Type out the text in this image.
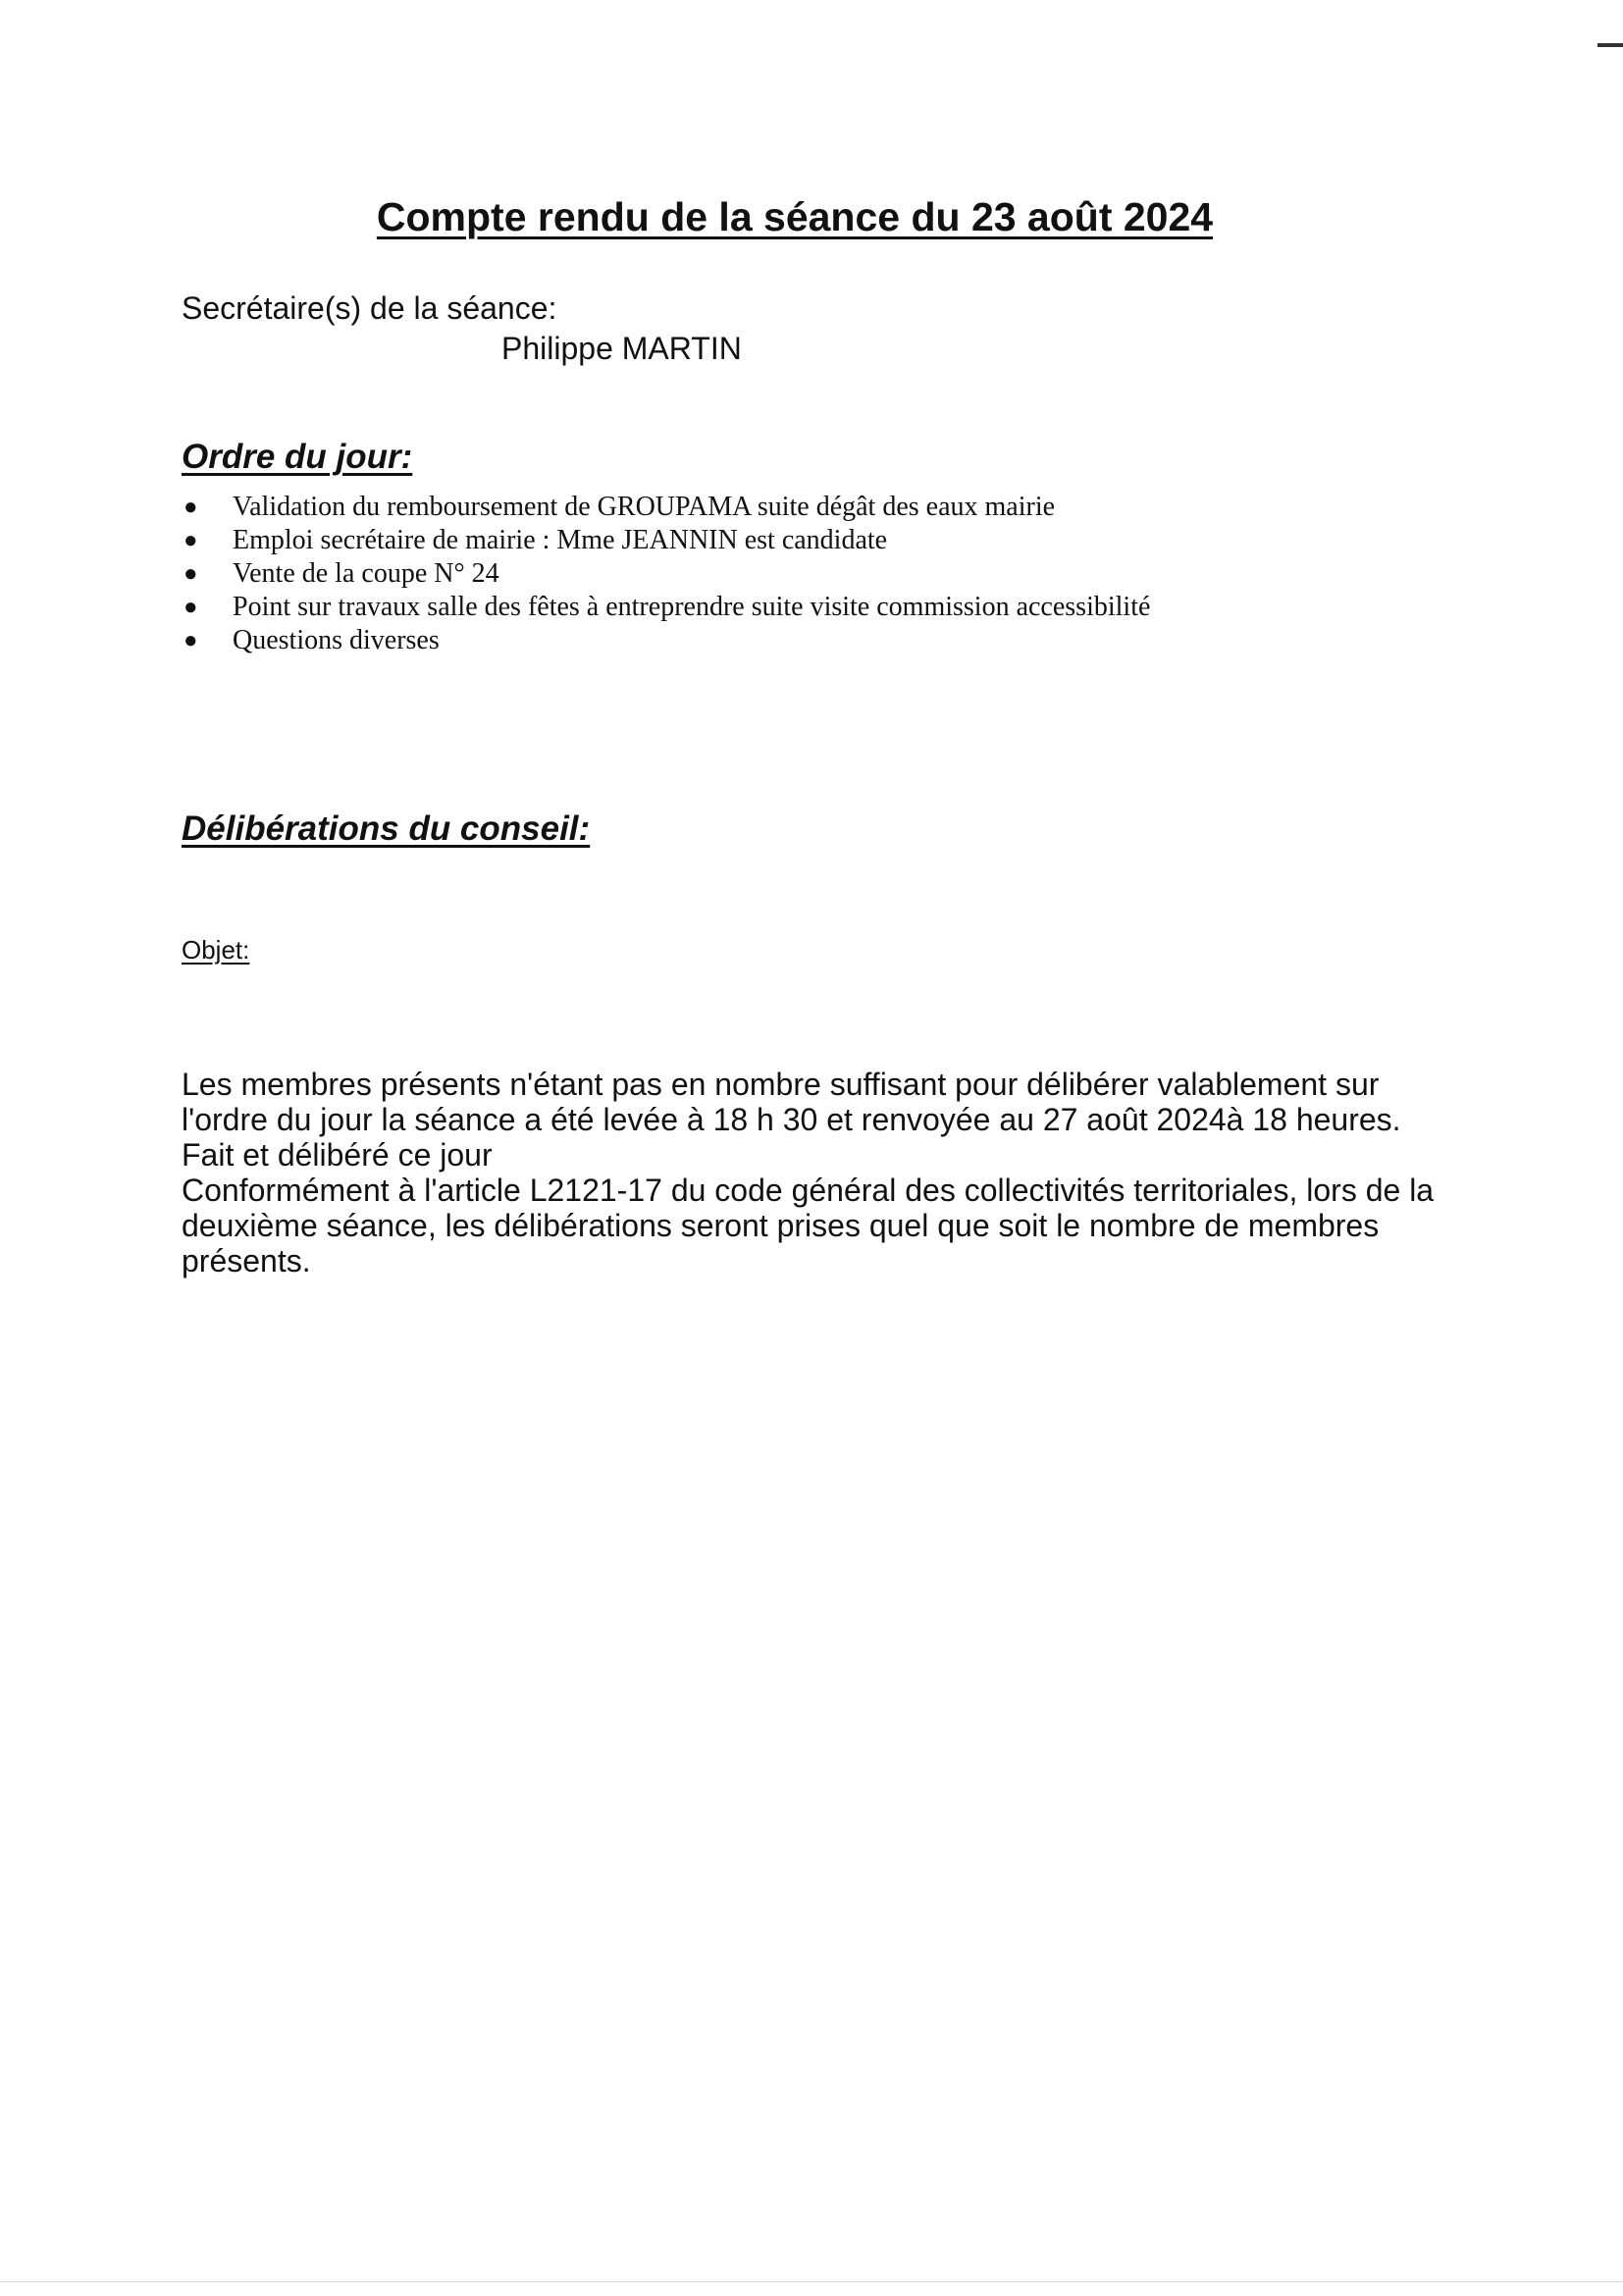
Compte rendu de la séance du 23 août 2024

Secrétaire(s) de la séance:

Philippe MARTIN

Ordre du jour:
● Validation du remboursement de GROUPAMA suite dégât des eaux mairie
● Emploi secrétaire de mairie : Mme JEANNIN est candidate
● Vente de la coupe N° 24
● Point sur travaux salle des fêtes à entreprendre suite visite commission accessibilité
● Questions diverses
Délibérations du conseil:

Objet:

Les membres présents n'étant pas en nombre suffisant pour délibérer valablement sur l'ordre du jour la séance a été levée à 18 h 30 et renvoyée au 27 août 2024à 18 heures.

Fait et délibéré ce jour

Conformément à l'article L2121-17 du code général des collectivités territoriales, lors de la deuxième séance, les délibérations seront prises quel que soit le nombre de membres présents.
